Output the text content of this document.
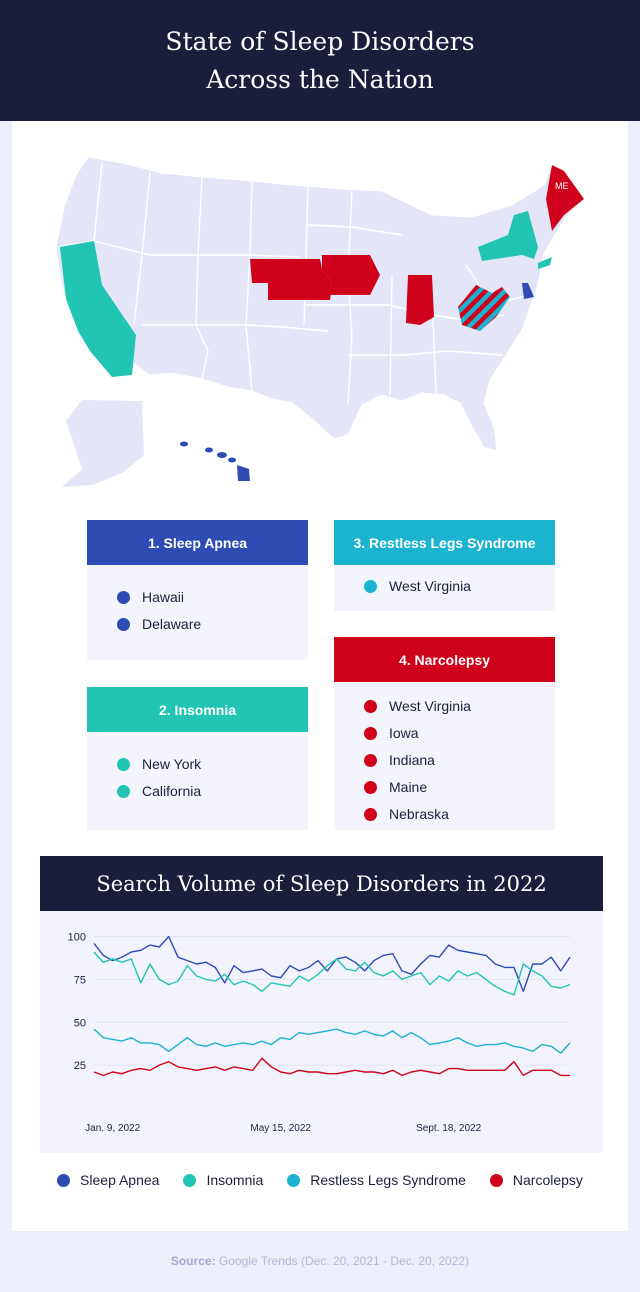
State of Sleep Disorders
Across the Nation
ME
1. Sleep Apnea
Hawaii
Delaware
2. Insomnia
New York
California
3. Restless Legs Syndrome
West Virginia
4. Narcolepsy
West Virginia
Iowa
Indiana
Maine
Nebraska
Search Volume of Sleep Disorders in 2022
100
75
50
25
Jan. 9, 2022	May 15, 2022	Sept. 18, 2022
Sleep Apnea	Insomnia	Restless Legs Syndrome	Narcolepsy
Source: Google Trends (Dec. 20, 2021 - Dec. 20, 2022)
